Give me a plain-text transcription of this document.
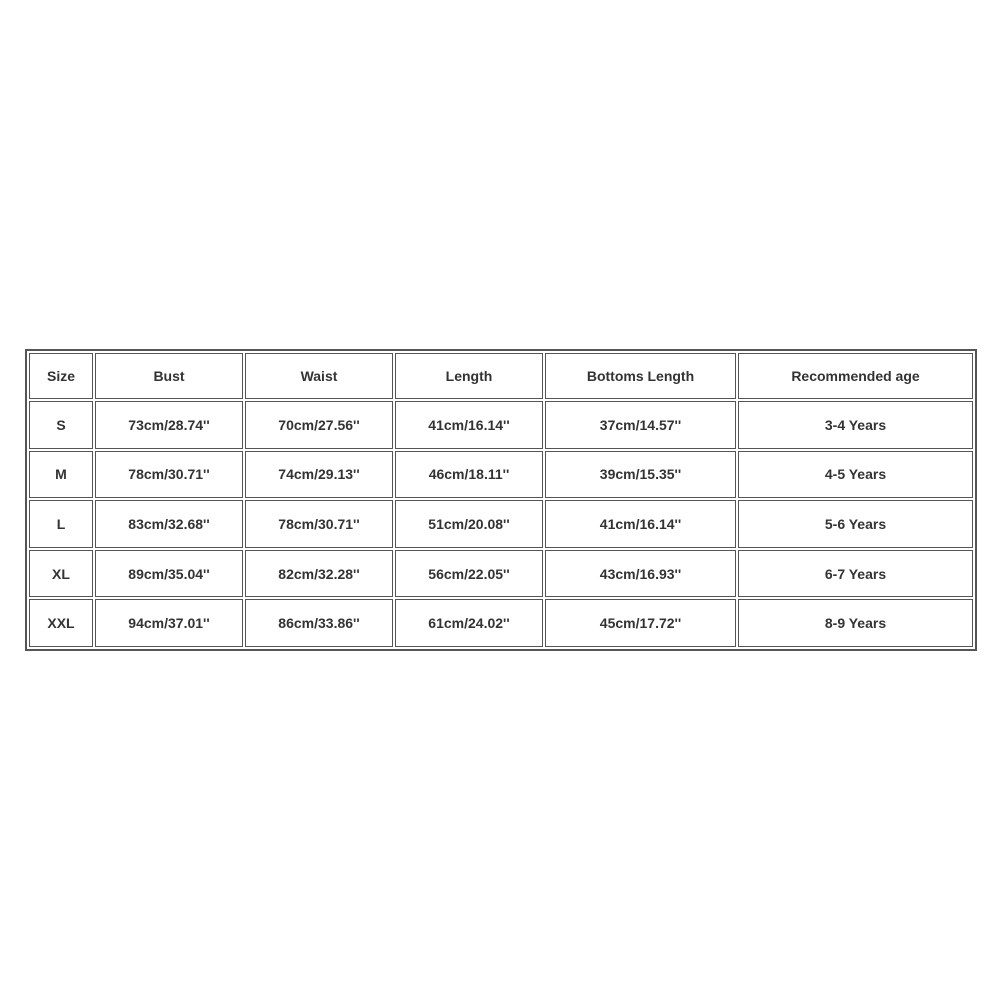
Size	Bust	Waist	Length	Bottoms Length	Recommended age
S	73cm/28.74''	70cm/27.56''	41cm/16.14''	37cm/14.57''	3-4 Years
M	78cm/30.71''	74cm/29.13''	46cm/18.11''	39cm/15.35''	4-5 Years
L	83cm/32.68''	78cm/30.71''	51cm/20.08''	41cm/16.14''	5-6 Years
XL	89cm/35.04''	82cm/32.28''	56cm/22.05''	43cm/16.93''	6-7 Years
XXL	94cm/37.01''	86cm/33.86''	61cm/24.02''	45cm/17.72''	8-9 Years
